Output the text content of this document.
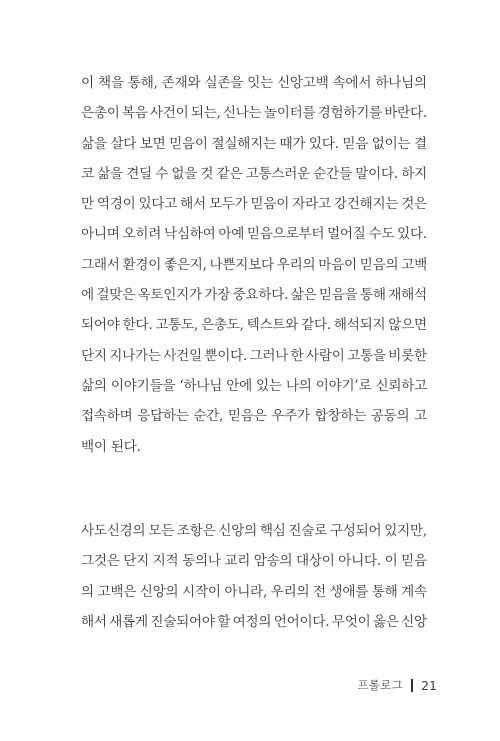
이 책을 통해, 존재와 실존을 잇는 신앙고백 속에서 하나님의
은총이 복음 사건이 되는, 신나는 놀이터를 경험하기를 바란다.
삶을 살다 보면 믿음이 절실해지는 때가 있다. 믿음 없이는 결
코 삶을 견딜 수 없을 것 같은 고통스러운 순간들 말이다. 하지
만 역경이 있다고 해서 모두가 믿음이 자라고 강건해지는 것은
아니며 오히려 낙심하여 아예 믿음으로부터 멀어질 수도 있다.
그래서 환경이 좋은지, 나쁜지보다 우리의 마음이 믿음의 고백
에 걸맞은 옥토인지가 가장 중요하다. 삶은 믿음을 통해 재해석
되어야 한다. 고통도, 은총도, 텍스트와 같다. 해석되지 않으면
단지 지나가는 사건일 뿐이다. 그러나 한 사람이 고통을 비롯한
삶의 이야기들을 ‘하나님 안에 있는 나의 이야기’로 신뢰하고
접속하며 응답하는 순간, 믿음은 우주가 합창하는 공동의 고
백이 된다.
사도신경의 모든 조항은 신앙의 핵심 진술로 구성되어 있지만,
그것은 단지 지적 동의나 교리 암송의 대상이 아니다. 이 믿음
의 고백은 신앙의 시작이 아니라, 우리의 전 생애를 통해 계속
해서 새롭게 진술되어야 할 여정의 언어이다. 무엇이 옳은 신앙
프롤로그 21
